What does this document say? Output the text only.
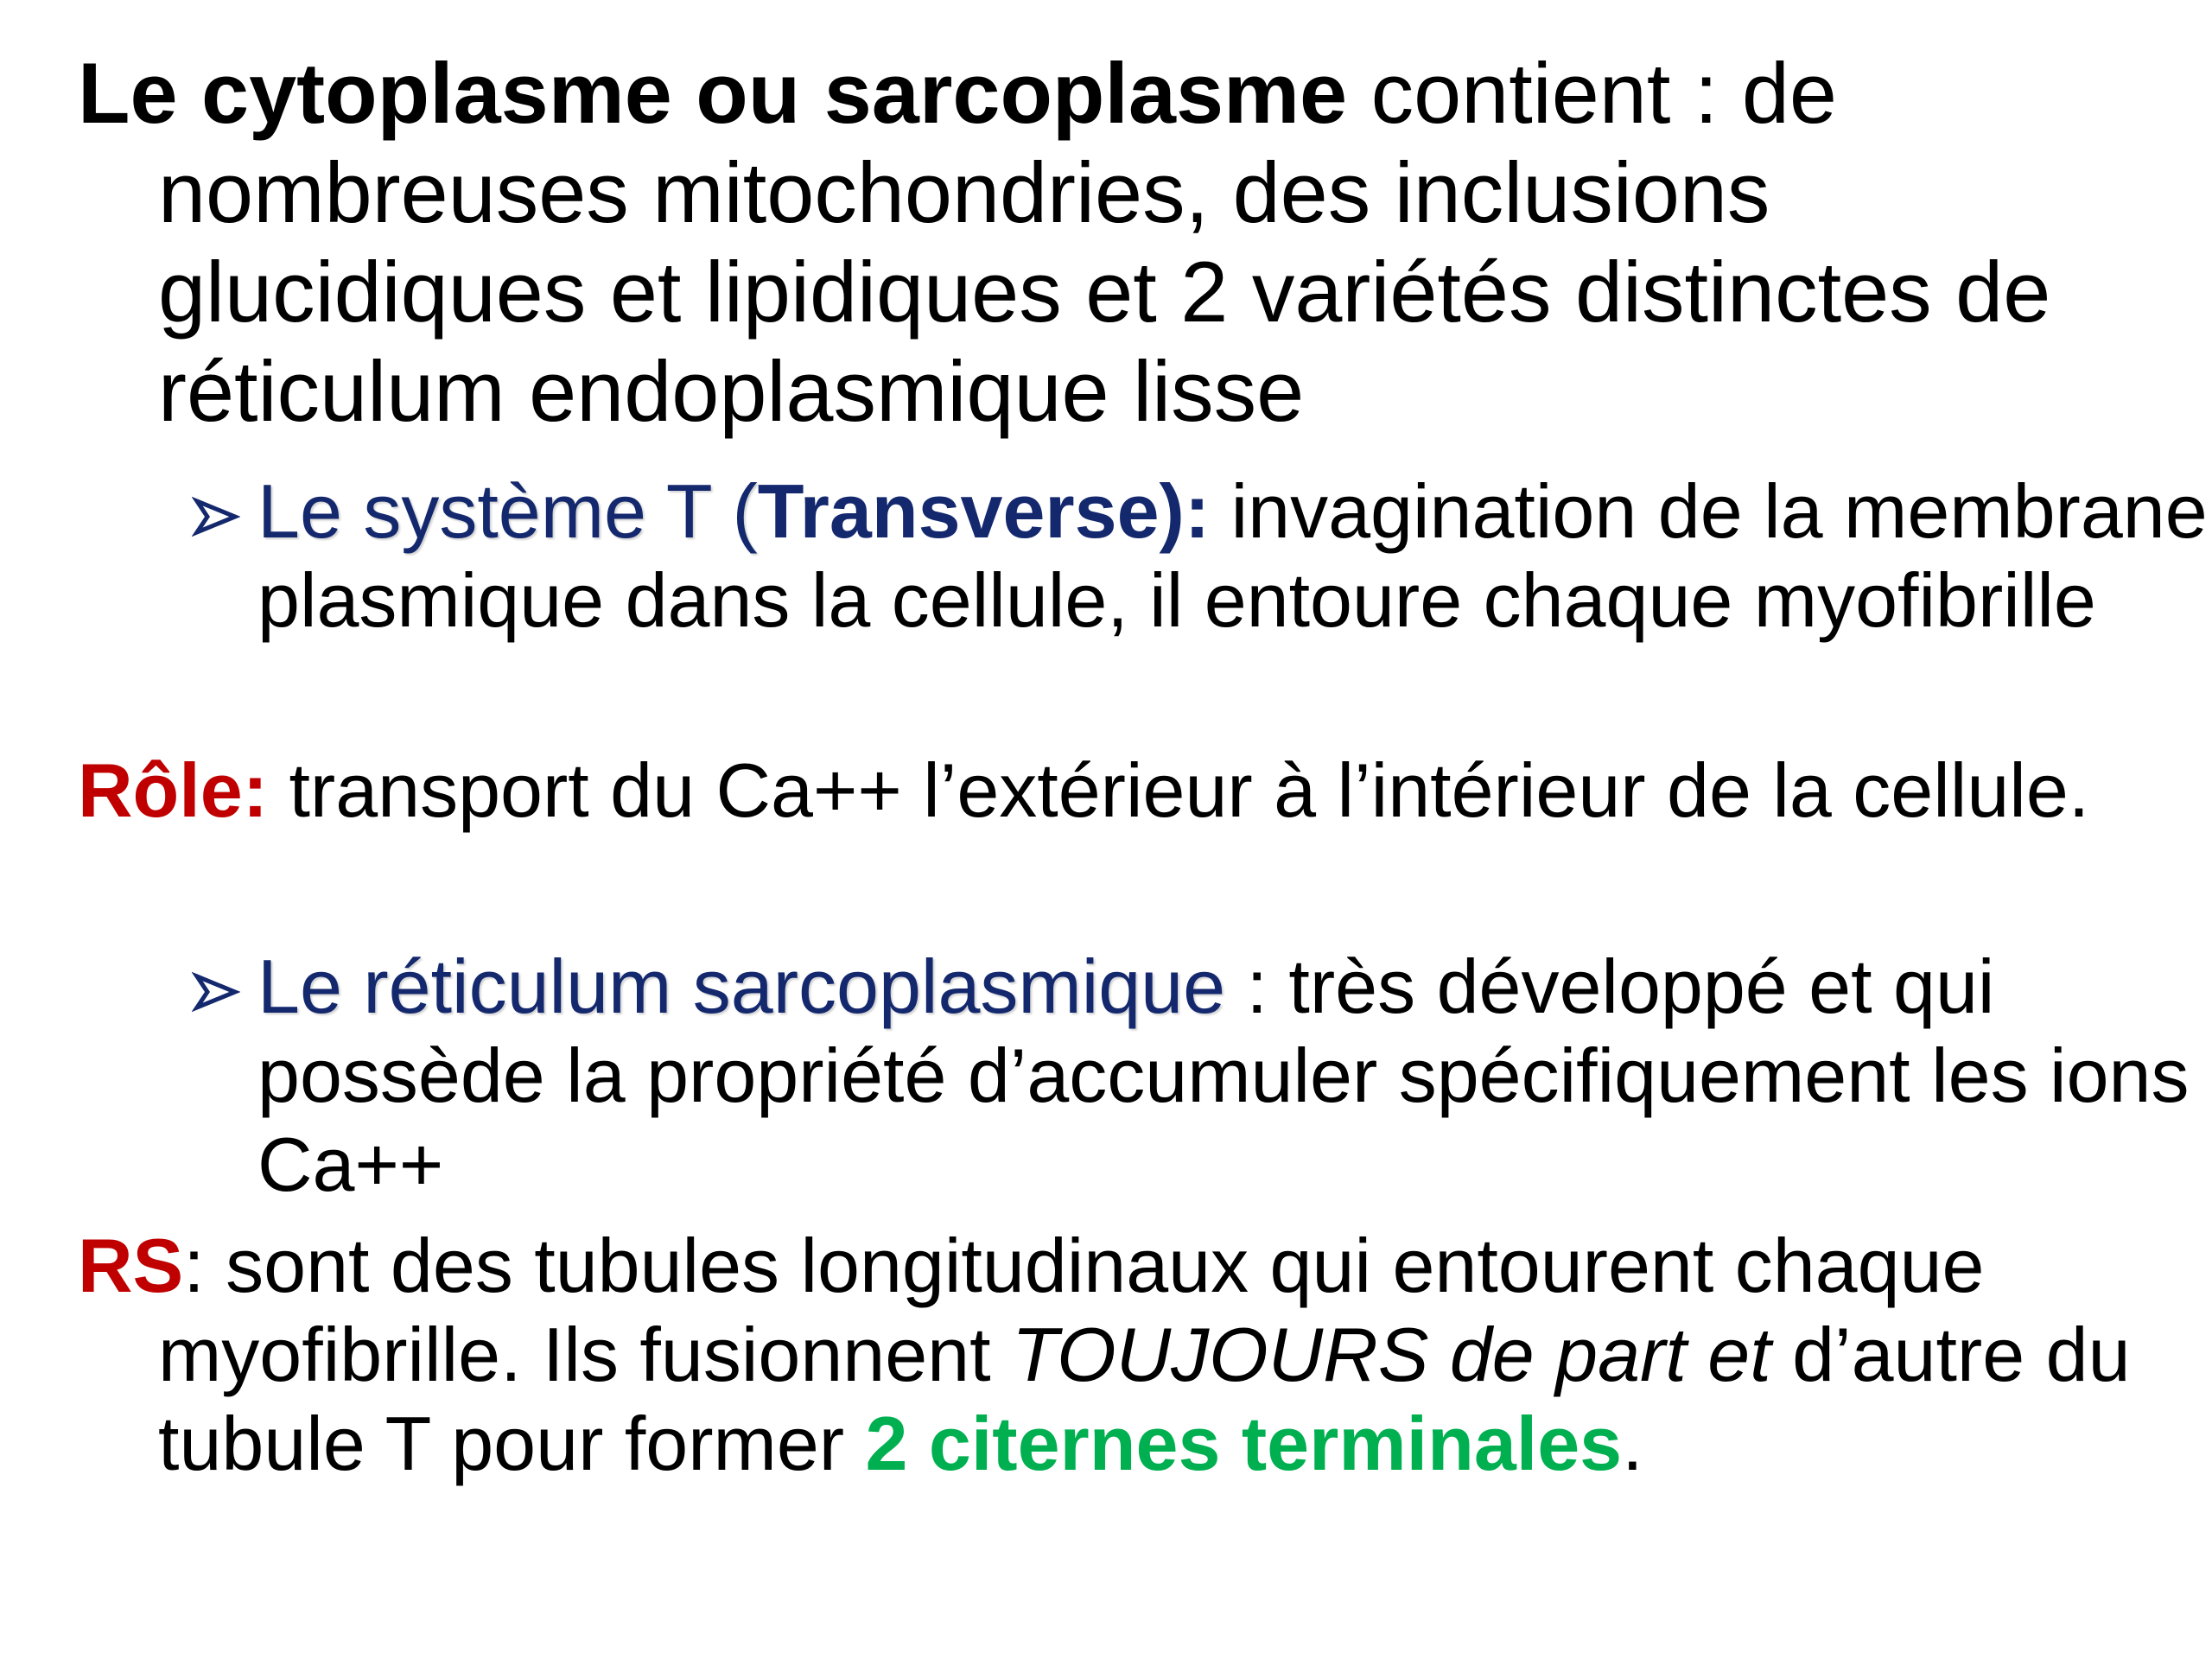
Le cytoplasme ou sarcoplasme contient : de nombreuses mitochondries, des inclusions glucidiques et lipidiques et 2 variétés distinctes de réticulum endoplasmique lisse

Le système T (Transverse): invagination de la membrane plasmique dans la cellule, il entoure chaque myofibrille

Rôle: transport du Ca++ l’extérieur à l’intérieur de la cellule.

Le réticulum sarcoplasmique : très développé et qui possède la propriété d’accumuler spécifiquement les ions Ca++

RS: sont des tubules longitudinaux qui entourent chaque myofibrille. Ils fusionnent TOUJOURS de part et d’autre du tubule T pour former 2 citernes terminales.
